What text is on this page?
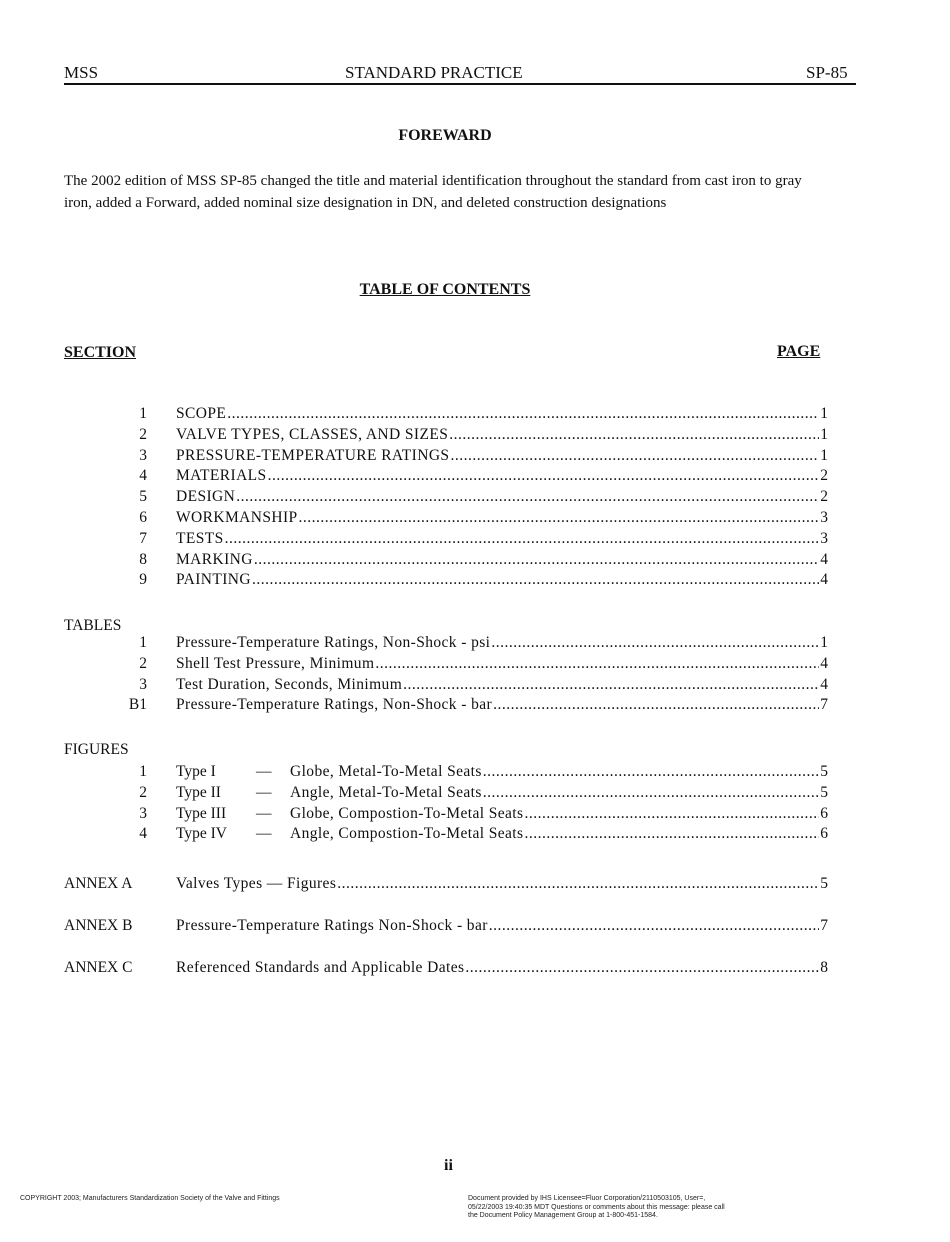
MSS	STANDARD PRACTICE	SP-85
FOREWARD
The 2002 edition of MSS SP-85 changed the title and material identification throughout the standard from cast iron to gray iron, added a Forward, added nominal size designation in DN, and deleted construction designations
TABLE OF CONTENTS
SECTION	PAGE
1 SCOPE .....	1
2 VALVE TYPES, CLASSES, AND SIZES .....	1
3 PRESSURE-TEMPERATURE RATINGS .....	1
4 MATERIALS .....	2
5 DESIGN .....	2
6 WORKMANSHIP .....	3
7 TESTS .....	3
8 MARKING .....	4
9 PAINTING .....	4
TABLES
1 Pressure-Temperature Ratings, Non-Shock - psi .....	1
2 Shell Test Pressure, Minimum .....	4
3 Test Duration, Seconds, Minimum .....	4
B1 Pressure-Temperature Ratings, Non-Shock - bar .....	7
FIGURES
1 Type I	—	Globe, Metal-To-Metal Seats .....	5
2 Type II	—	Angle, Metal-To-Metal Seats .....	5
3 Type III	—	Globe, Compostion-To-Metal Seats .....	6
4 Type IV	—	Angle, Compostion-To-Metal Seats .....	6
ANNEX A	Valves Types — Figures .....	5
ANNEX B	Pressure-Temperature Ratings Non-Shock - bar .....	7
ANNEX C	Referenced Standards and Applicable Dates .....	8
ii
COPYRIGHT 2003; Manufacturers Standardization Society of the Valve and Fittings	Document provided by IHS Licensee=Fluor Corporation/2110503105, User=,
05/22/2003 19:40:35 MDT Questions or comments about this message: please call
the Document Policy Management Group at 1-800-451-1584.
